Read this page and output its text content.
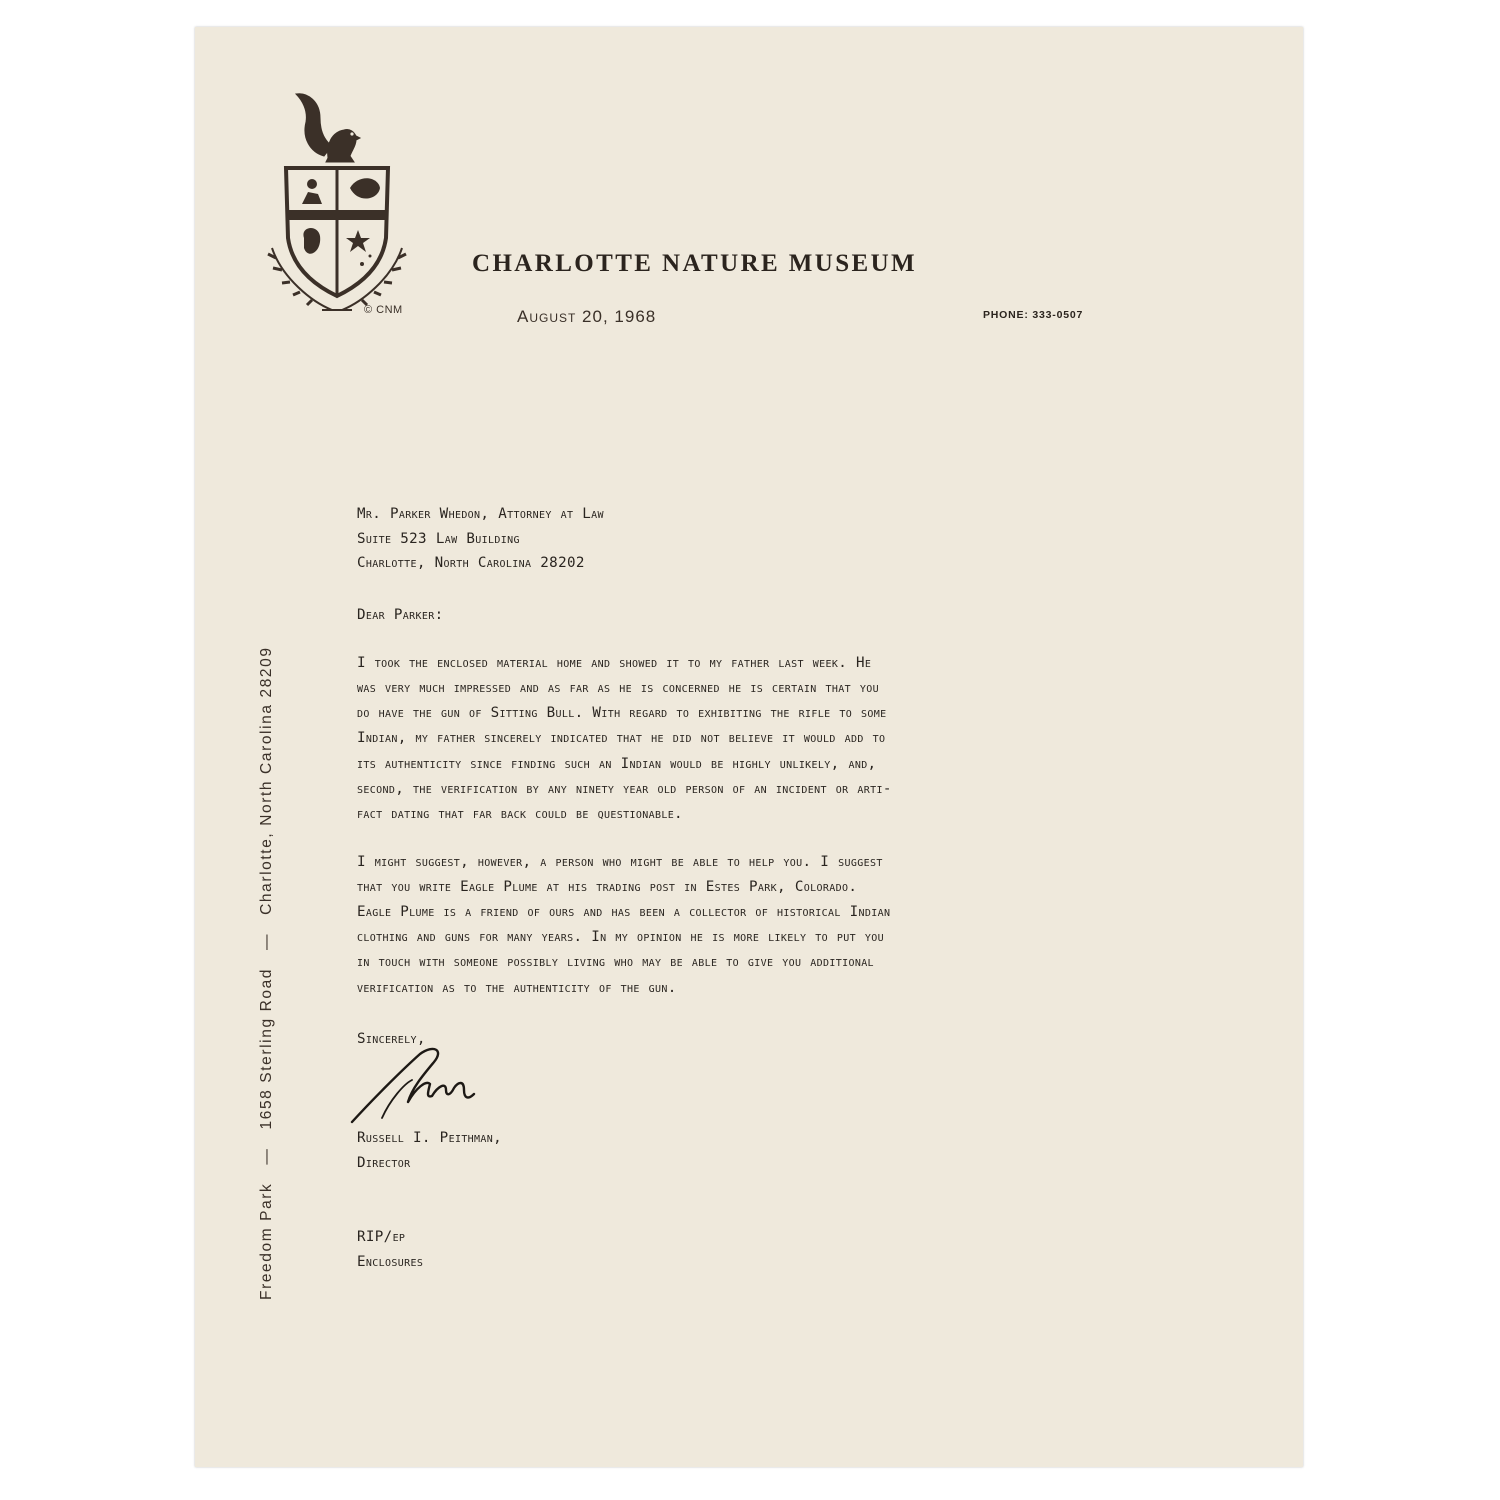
© CNM
CHARLOTTE NATURE MUSEUM
August 20, 1968	PHONE: 333-0507
Freedom Park—1658 Sterling Road—Charlotte, North Carolina 28209
Mr. Parker Whedon, Attorney at Law
Suite 523 Law Building
Charlotte, North Carolina 28202
Dear Parker:
I took the enclosed material home and showed it to my father last week. He
was very much impressed and as far as he is concerned he is certain that you
do have the gun of Sitting Bull. With regard to exhibiting the rifle to some
Indian, my father sincerely indicated that he did not believe it would add to
its authenticity since finding such an Indian would be highly unlikely, and,
second, the verification by any ninety year old person of an incident or arti-
fact dating that far back could be questionable.
I might suggest, however, a person who might be able to help you. I suggest
that you write Eagle Plume at his trading post in Estes Park, Colorado.
Eagle Plume is a friend of ours and has been a collector of historical Indian
clothing and guns for many years. In my opinion he is more likely to put you
in touch with someone possibly living who may be able to give you additional
verification as to the authenticity of the gun.
Sincerely,
Russell I. Peithman,
Director
RIP/ep
Enclosures
